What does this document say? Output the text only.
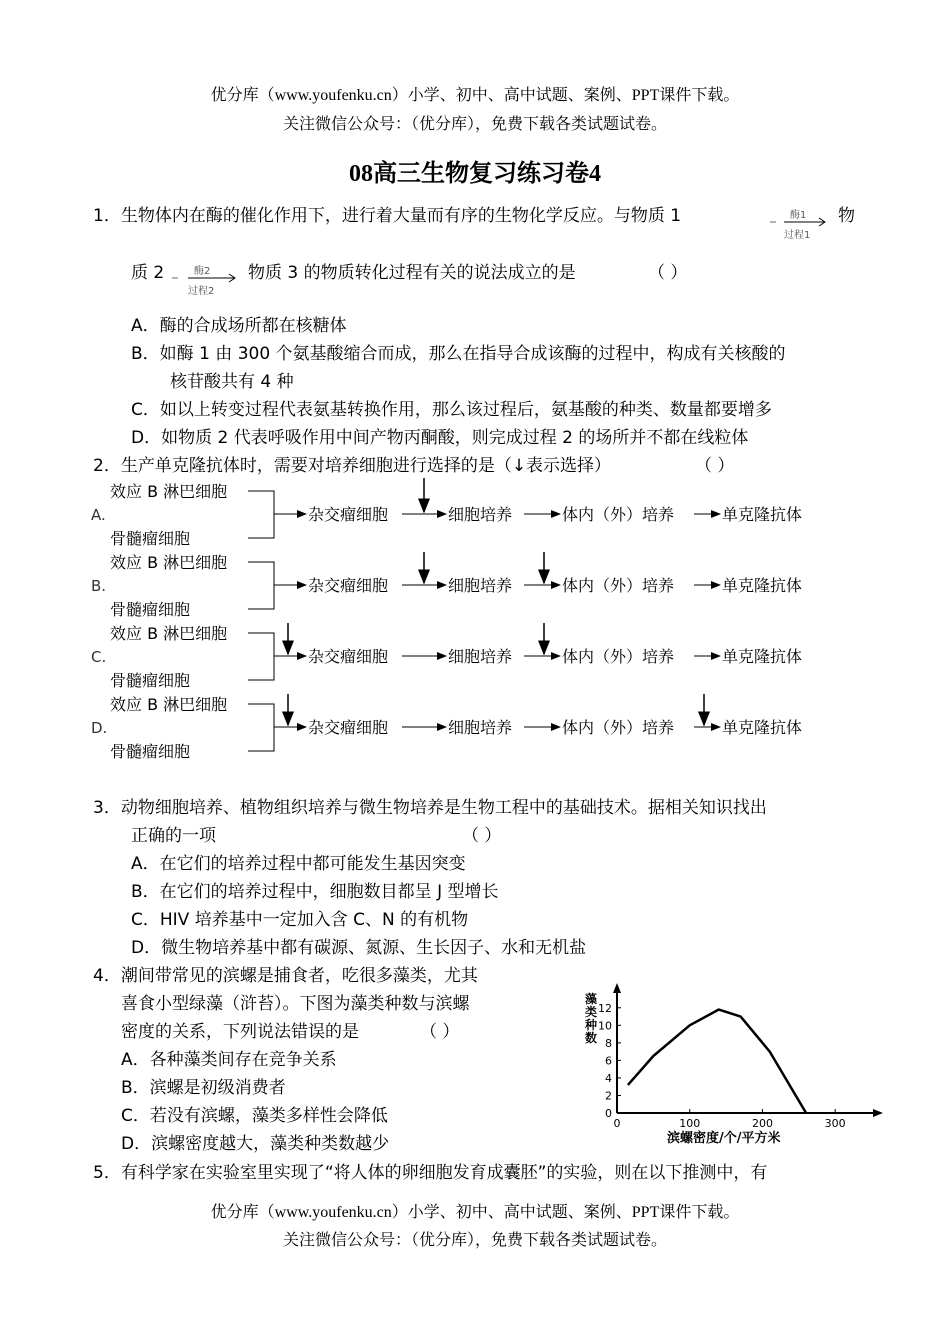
优分库（www.youfenku.cn）小学、初中、高中试题、案例、PPT课件下载。
关注微信公众号：（优分库），免费下载各类试题试卷。
08高三生物复习练习卷4
1．生物体内在酶的催化作用下，进行着大量而有序的生物化学反应。与物质 1	酶1
过程1
物
质 2	酶2
过程2
物质 3 的物质转化过程有关的说法成立的是	（ ）
A．酶的合成场所都在核糖体
B．如酶 1 由 300 个氨基酸缩合而成，那么在指导合成该酶的过程中，构成有关核酸的
核苷酸共有 4 种
C．如以上转变过程代表氨基转换作用，那么该过程后，氨基酸的种类、数量都要增多
D．如物质 2 代表呼吸作用中间产物丙酮酸，则完成过程 2 的场所并不都在线粒体
2．生产单克隆抗体时，需要对培养细胞进行选择的是（↓表示选择）	（ ）
效应 B 淋巴细胞
骨髓瘤细胞
A.	杂交瘤细胞	细胞培养	体内（外）培养	单克隆抗体
效应 B 淋巴细胞
骨髓瘤细胞
B.	杂交瘤细胞	细胞培养	体内（外）培养	单克隆抗体
效应 B 淋巴细胞
骨髓瘤细胞
C.	杂交瘤细胞	细胞培养	体内（外）培养	单克隆抗体
效应 B 淋巴细胞
骨髓瘤细胞
D.	杂交瘤细胞	细胞培养	体内（外）培养	单克隆抗体
3．动物细胞培养、植物组织培养与微生物培养是生物工程中的基础技术。据相关知识找出
正确的一项	（ ）
A．在它们的培养过程中都可能发生基因突变
B．在它们的培养过程中，细胞数目都呈 J 型增长
C．HIV 培养基中一定加入含 C、N 的有机物
D．微生物培养基中都有碳源、氮源、生长因子、水和无机盐
4．潮间带常见的滨螺是捕食者，吃很多藻类，尤其
喜食小型绿藻（浒苔）。下图为藻类种数与滨螺
密度的关系，下列说法错误的是	（ ）
A．各种藻类间存在竞争关系
B．滨螺是初级消费者
C．若没有滨螺，藻类多样性会降低
D．滨螺密度越大，藻类种类数越少
0
2
4
6
8
10
12
0	100	200	300
藻类种数
滨螺密度/个/平方米
5．有科学家在实验室里实现了“将人体的卵细胞发育成囊胚”的实验，则在以下推测中，有
优分库（www.youfenku.cn）小学、初中、高中试题、案例、PPT课件下载。
关注微信公众号：（优分库），免费下载各类试题试卷。
